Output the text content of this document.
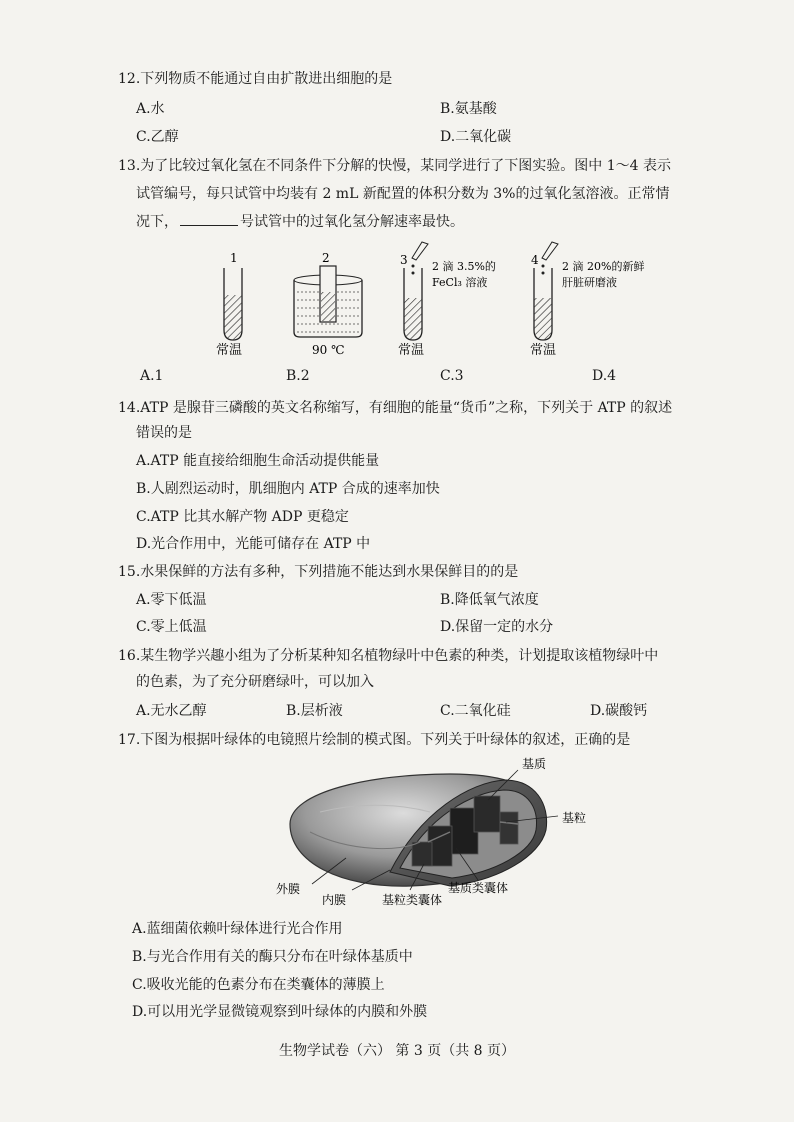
12.下列物质不能通过自由扩散进出细胞的是
A.水	B.氨基酸
C.乙醇	D.二氧化碳
13.为了比较过氧化氢在不同条件下分解的快慢，某同学进行了下图实验。图中 1～4 表示
试管编号，每只试管中均装有 2 mL 新配置的体积分数为 3%的过氧化氢溶液。正常情
况下，	号试管中的过氧化氢分解速率最快。
1
常温
2
90 ℃
3 2 滴 3.5%的
FeCl₃ 溶液
常温
4 2 滴 20%的新鲜
肝脏研磨液
常温
A.1	B.2	C.3	D.4
14.ATP 是腺苷三磷酸的英文名称缩写，有细胞的能量“货币”之称，下列关于 ATP 的叙述
错误的是
A.ATP 能直接给细胞生命活动提供能量
B.人剧烈运动时，肌细胞内 ATP 合成的速率加快
C.ATP 比其水解产物 ADP 更稳定
D.光合作用中，光能可储存在 ATP 中
15.水果保鲜的方法有多种，下列措施不能达到水果保鲜目的的是
A.零下低温	B.降低氧气浓度
C.零上低温	D.保留一定的水分
16.某生物学兴趣小组为了分析某种知名植物绿叶中色素的种类，计划提取该植物绿叶中
的色素，为了充分研磨绿叶，可以加入
A.无水乙醇	B.层析液	C.二氧化硅	D.碳酸钙
17.下图为根据叶绿体的电镜照片绘制的模式图。下列关于叶绿体的叙述，正确的是
基质
基粒
外膜
内膜	基粒类囊体
基质类囊体
A.蓝细菌依赖叶绿体进行光合作用
B.与光合作用有关的酶只分布在叶绿体基质中
C.吸收光能的色素分布在类囊体的薄膜上
D.可以用光学显微镜观察到叶绿体的内膜和外膜
生物学试卷（六） 第 3 页（共 8 页）
